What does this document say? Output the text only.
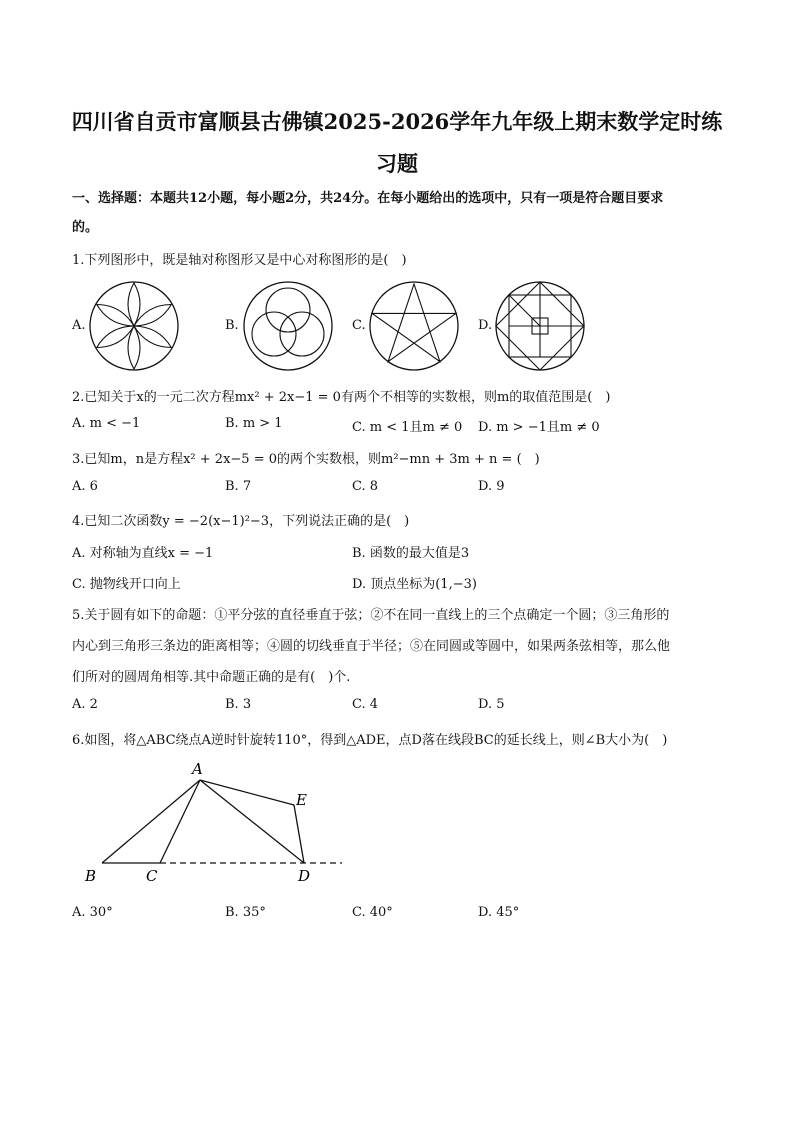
四川省自贡市富顺县古佛镇2025-2026学年九年级上期末数学定时练
习题
一、选择题：本题共12小题，每小题2分，共24分。在每小题给出的选项中，只有一项是符合题目要求
的。
1.下列图形中，既是轴对称图形又是中心对称图形的是(　)
A.	B.	C.	D.
2.已知关于x的一元二次方程mx² + 2x−1 = 0有两个不相等的实数根，则m的取值范围是(　)
A. m < −1	B. m > 1	C. m < 1且m ≠ 0 D. m > −1且m ≠ 0
3.已知m，n是方程x² + 2x−5 = 0的两个实数根，则m²−mn + 3m + n = (　)
A. 6	B. 7	C. 8	D. 9
4.已知二次函数y = −2(x−1)²−3，下列说法正确的是(　)
A. 对称轴为直线x = −1	B. 函数的最大值是3
C. 抛物线开口向上	D. 顶点坐标为(1,−3)
5.关于圆有如下的命题：①平分弦的直径垂直于弦；②不在同一直线上的三个点确定一个圆；③三角形的
内心到三角形三条边的距离相等；④圆的切线垂直于半径；⑤在同圆或等圆中，如果两条弦相等，那么他
们所对的圆周角相等.其中命题正确的是有(　)个.
A. 2	B. 3	C. 4	D. 5
6.如图，将△ABC绕点A逆时针旋转110°，得到△ADE，点D落在线段BC的延长线上，则∠B大小为(　)
A
B	C	D
E
A. 30°	B. 35°	C. 40°	D. 45°
